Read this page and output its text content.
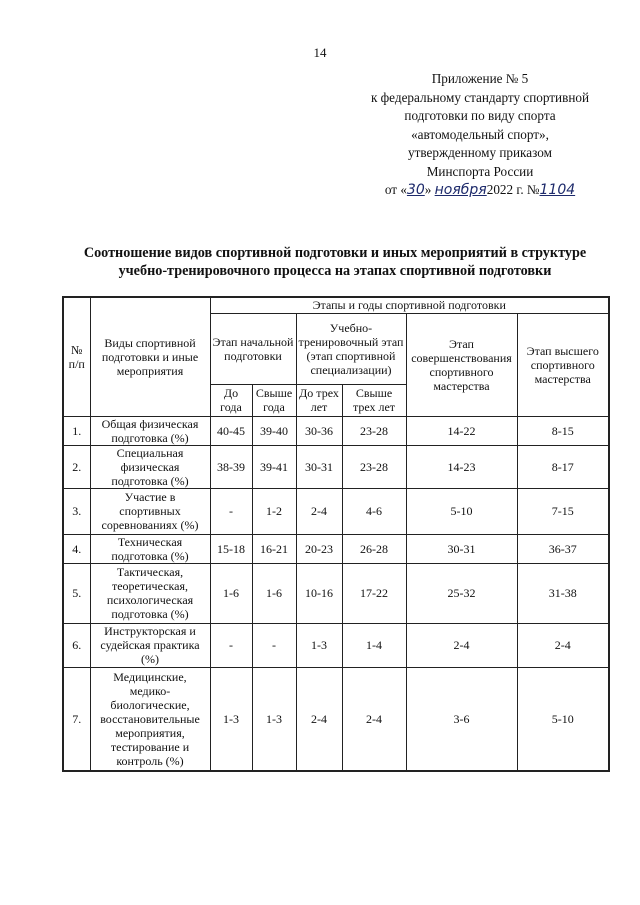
14
Приложение № 5
к федеральному стандарту спортивной
подготовки по виду спорта
«автомодельный спорт»,
утвержденному приказом
Минспорта России
от «30» ноября2022 г. №1104
Соотношение видов спортивной подготовки и иных мероприятий в структуре
учебно-тренировочного процесса на этапах спортивной подготовки
№ п/п	Виды спортивной подготовки и иные мероприятия	Этапы и годы спортивной подготовки					
		Этап начальной подготовки		Учебно-тренировочный этап (этап спортивной специализации)		Этап совершенствования спортивного мастерства	Этап высшего спортивного мастерства
		До года	Свыше года	До трех лет	Свыше трех лет		
1.	Общая физическая подготовка (%)	40-45	39-40	30-36	23-28	14-22	8-15
2.	Специальная физическая подготовка (%)	38-39	39-41	30-31	23-28	14-23	8-17
3.	Участие в спортивных соревнованиях (%)	-	1-2	2-4	4-6	5-10	7-15
4.	Техническая подготовка (%)	15-18	16-21	20-23	26-28	30-31	36-37
5.	Тактическая, теоретическая, психологическая подготовка (%)	1-6	1-6	10-16	17-22	25-32	31-38
6.	Инструкторская и судейская практика (%)	-	-	1-3	1-4	2-4	2-4
7.	Медицинские, медико-биологические, восстановительные мероприятия, тестирование и контроль (%)	1-3	1-3	2-4	2-4	3-6	5-10
